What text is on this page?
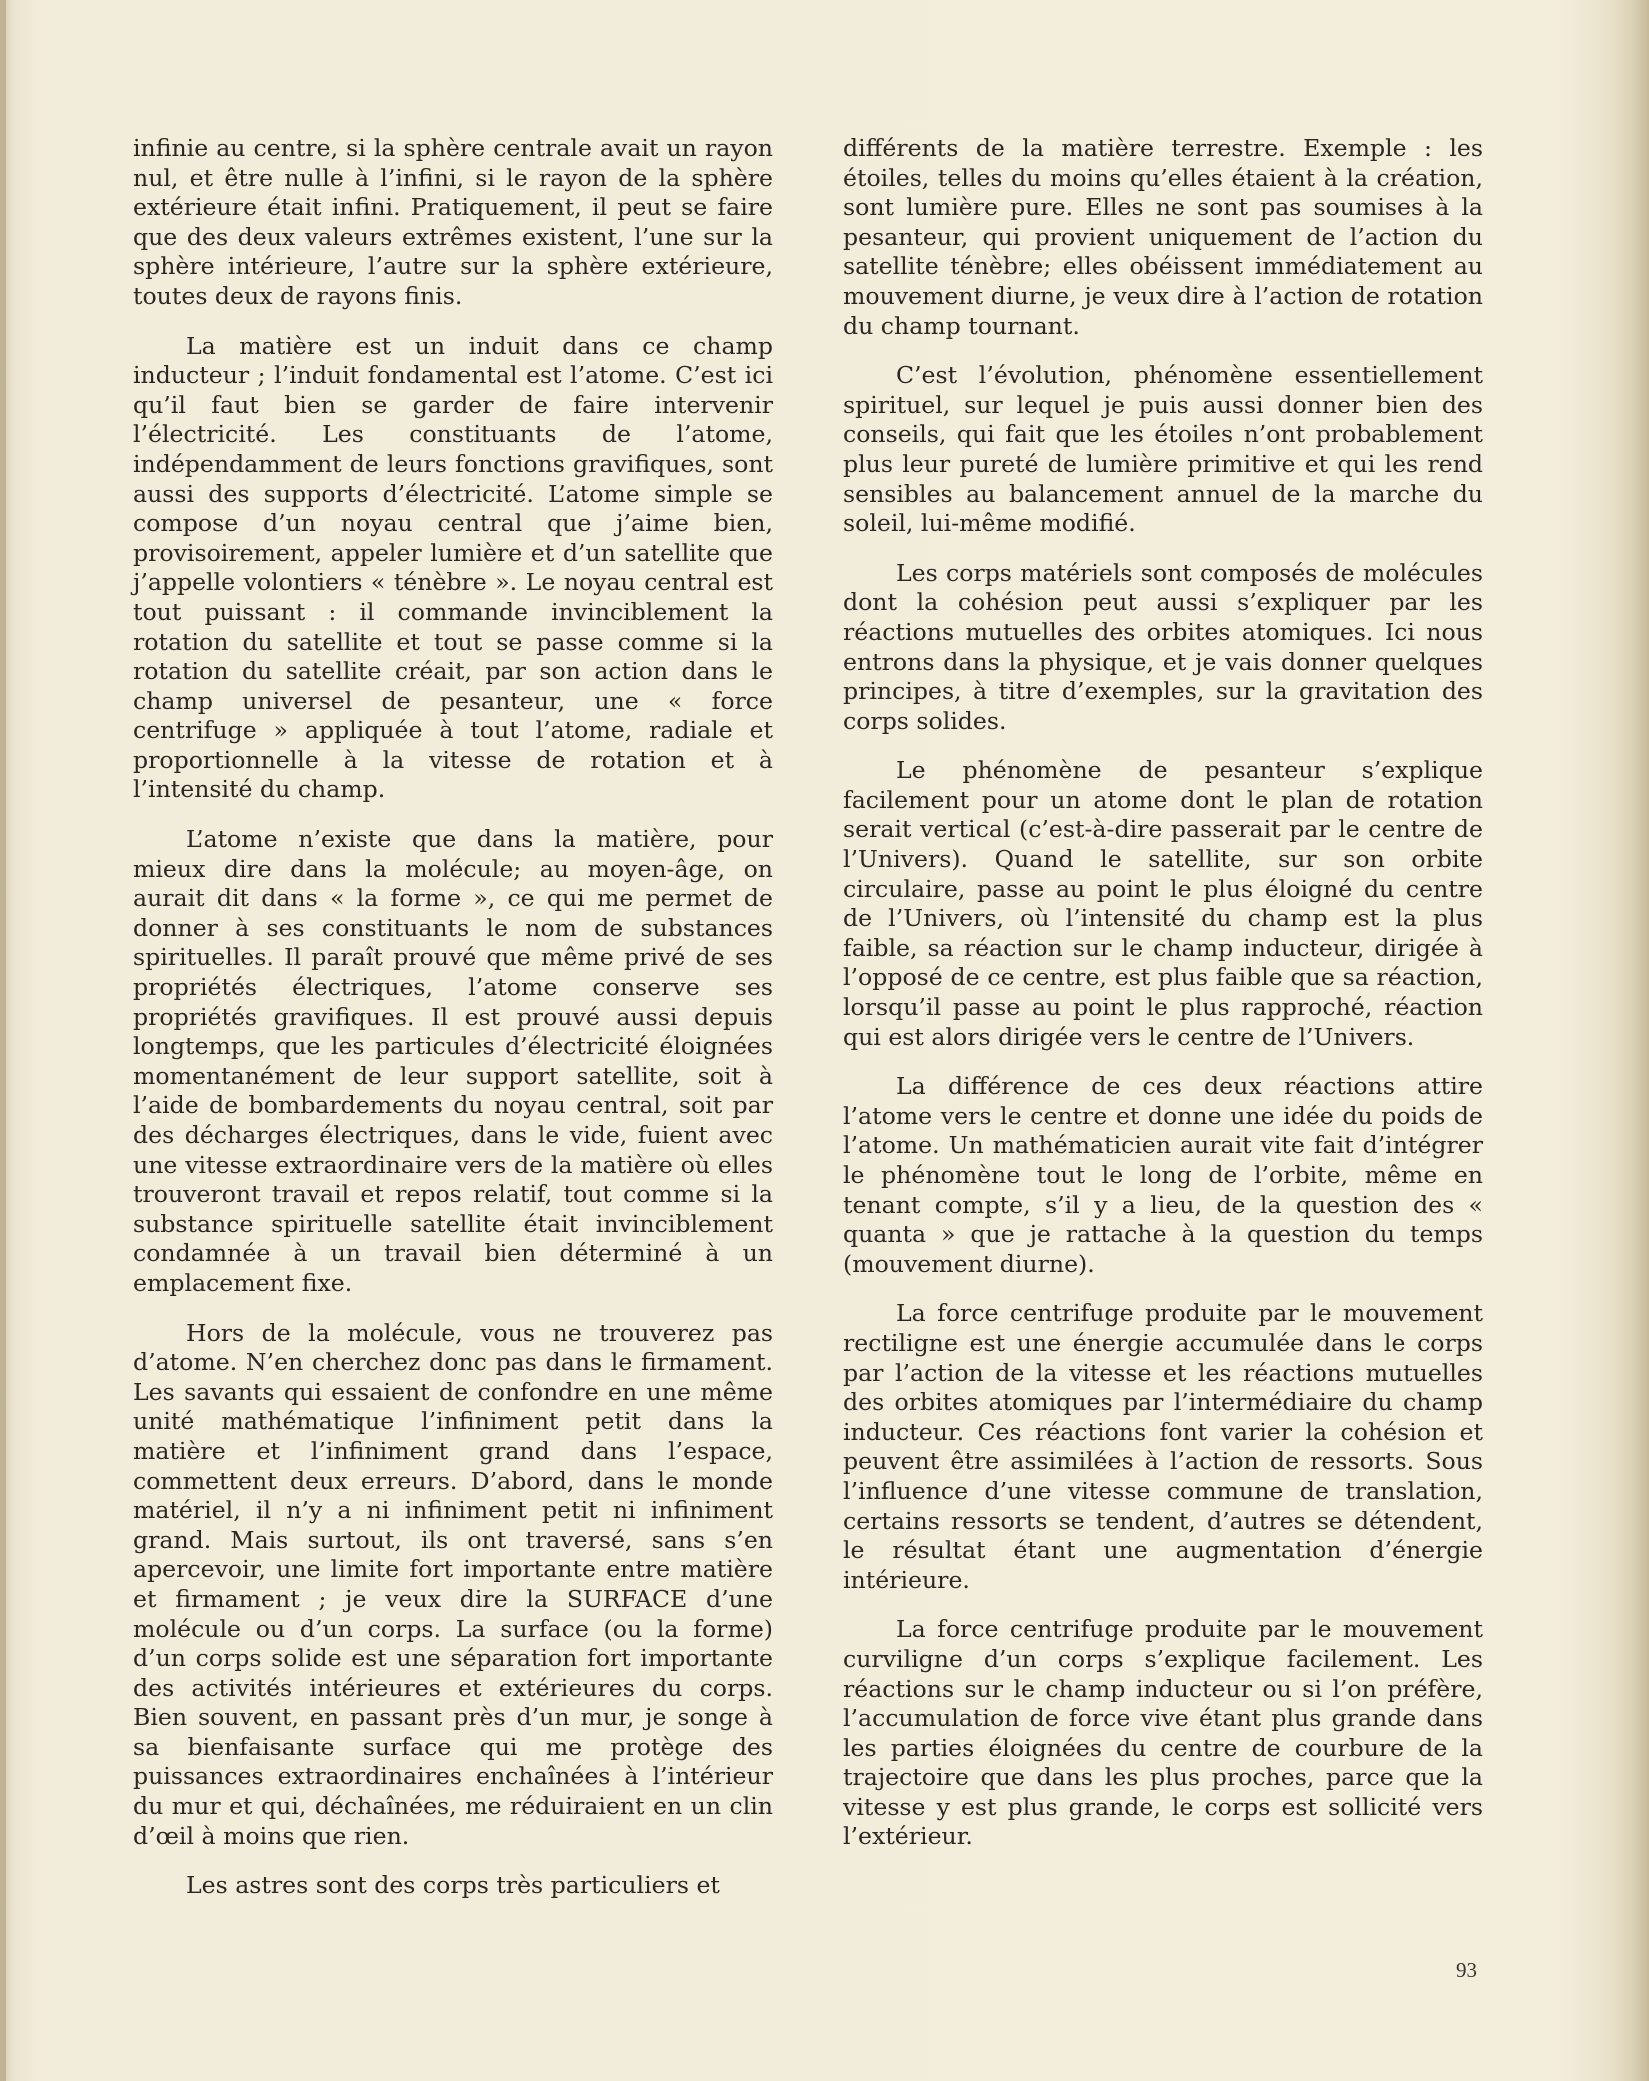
infinie au centre, si la sphère centrale avait un rayon nul, et être nulle à l’infini, si le rayon de la sphère extérieure était infini. Pratiquement, il peut se faire que des deux valeurs extrêmes existent, l’une sur la sphère intérieure, l’autre sur la sphère extérieure, toutes deux de rayons finis.

La matière est un induit dans ce champ inducteur ; l’induit fondamental est l’atome. C’est ici qu’il faut bien se garder de faire intervenir l’électricité. Les constituants de l’atome, indépendamment de leurs fonctions gravifiques, sont aussi des supports d’électricité. L’atome simple se compose d’un noyau central que j’aime bien, provisoirement, appeler lumière et d’un satellite que j’appelle volontiers « ténèbre ». Le noyau central est tout puissant : il commande invinciblement la rotation du satellite et tout se passe comme si la rotation du satellite créait, par son action dans le champ universel de pesanteur, une « force centrifuge » appliquée à tout l’atome, radiale et proportionnelle à la vitesse de rotation et à l’intensité du champ.

L’atome n’existe que dans la matière, pour mieux dire dans la molécule; au moyen-âge, on aurait dit dans « la forme », ce qui me permet de donner à ses constituants le nom de substances spirituelles. Il paraît prouvé que même privé de ses propriétés électriques, l’atome conserve ses propriétés gravifiques. Il est prouvé aussi depuis longtemps, que les particules d’électricité éloignées momentanément de leur support satellite, soit à l’aide de bombardements du noyau central, soit par des décharges électriques, dans le vide, fuient avec une vitesse extraordinaire vers de la matière où elles trouveront travail et repos relatif, tout comme si la substance spirituelle satellite était invinciblement condamnée à un travail bien déterminé à un emplacement fixe.

Hors de la molécule, vous ne trouverez pas d’atome. N’en cherchez donc pas dans le firmament. Les savants qui essaient de confondre en une même unité mathématique l’infiniment petit dans la matière et l’infiniment grand dans l’espace, commettent deux erreurs. D’abord, dans le monde matériel, il n’y a ni infiniment petit ni infiniment grand. Mais surtout, ils ont traversé, sans s’en apercevoir, une limite fort importante entre matière et firmament ; je veux dire la SURFACE d’une molécule ou d’un corps. La surface (ou la forme) d’un corps solide est une séparation fort importante des activités intérieures et extérieures du corps. Bien souvent, en passant près d’un mur, je songe à sa bienfaisante surface qui me protège des puissances extraordinaires enchaînées à l’intérieur du mur et qui, déchaînées, me réduiraient en un clin d’œil à moins que rien.

Les astres sont des corps très particuliers et

différents de la matière terrestre. Exemple : les étoiles, telles du moins qu’elles étaient à la création, sont lumière pure. Elles ne sont pas soumises à la pesanteur, qui provient uniquement de l’action du satellite ténèbre; elles obéissent immédiatement au mouvement diurne, je veux dire à l’action de rotation du champ tournant.

C’est l’évolution, phénomène essentiellement spirituel, sur lequel je puis aussi donner bien des conseils, qui fait que les étoiles n’ont probablement plus leur pureté de lumière primitive et qui les rend sensibles au balancement annuel de la marche du soleil, lui-même modifié.

Les corps matériels sont composés de molécules dont la cohésion peut aussi s’expliquer par les réactions mutuelles des orbites atomiques. Ici nous entrons dans la physique, et je vais donner quelques principes, à titre d’exemples, sur la gravitation des corps solides.

Le phénomène de pesanteur s’explique facilement pour un atome dont le plan de rotation serait vertical (c’est-à-dire passerait par le centre de l’Univers). Quand le satellite, sur son orbite circulaire, passe au point le plus éloigné du centre de l’Univers, où l’intensité du champ est la plus faible, sa réaction sur le champ inducteur, dirigée à l’opposé de ce centre, est plus faible que sa réaction, lorsqu’il passe au point le plus rapproché, réaction qui est alors dirigée vers le centre de l’Univers.

La différence de ces deux réactions attire l’atome vers le centre et donne une idée du poids de l’atome. Un mathématicien aurait vite fait d’intégrer le phénomène tout le long de l’orbite, même en tenant compte, s’il y a lieu, de la question des « quanta » que je rattache à la question du temps (mouvement diurne).

La force centrifuge produite par le mouvement rectiligne est une énergie accumulée dans le corps par l’action de la vitesse et les réactions mutuelles des orbites atomiques par l’intermédiaire du champ inducteur. Ces réactions font varier la cohésion et peuvent être assimilées à l’action de ressorts. Sous l’influence d’une vitesse commune de translation, certains ressorts se tendent, d’autres se détendent, le résultat étant une augmentation d’énergie intérieure.

La force centrifuge produite par le mouvement curviligne d’un corps s’explique facilement. Les réactions sur le champ inducteur ou si l’on préfère, l’accumulation de force vive étant plus grande dans les parties éloignées du centre de courbure de la trajectoire que dans les plus proches, parce que la vitesse y est plus grande, le corps est sollicité vers l’extérieur.

93
